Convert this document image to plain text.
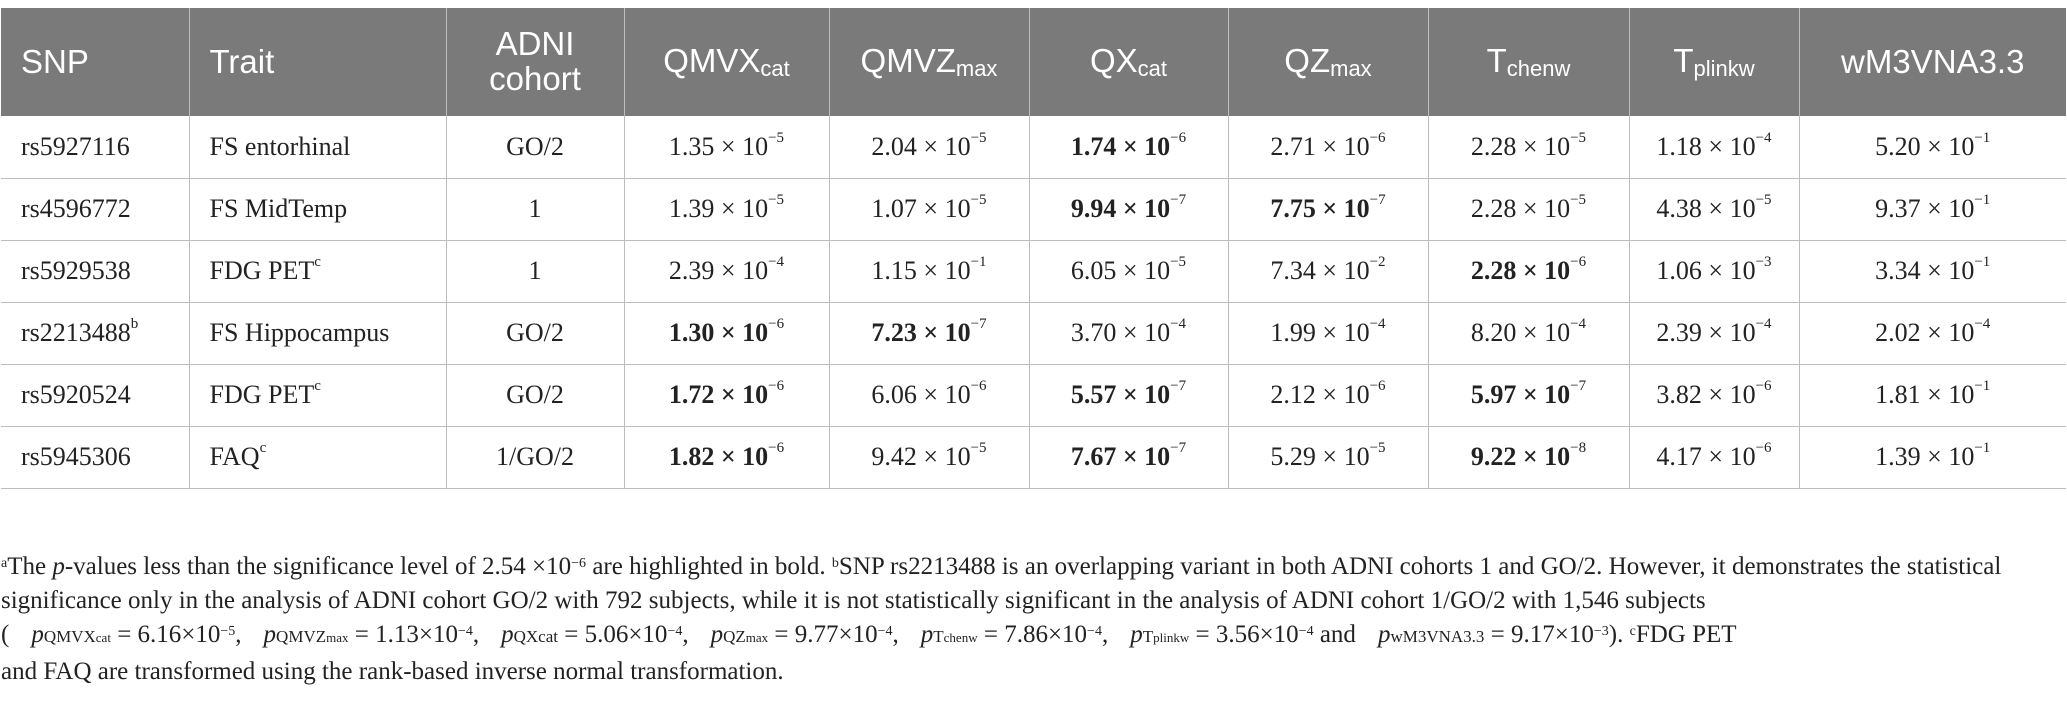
SNP	Trait	ADNI cohort	$QMVX_{cat}$	$QMVZ_{max}$	$QX_{cat}$	$QZ_{max}$	$T_{chenw}$	$T_{plinkw}$	wM3VNA3.3
rs5927116	FS entorhinal	GO/2	$1.35 \times 10^{-5}$	$2.04 \times 10^{-5}$	$1.74 \times 10^{-6}$	$2.71 \times 10^{-6}$	$2.28 \times 10^{-5}$	$1.18 \times 10^{-4}$	$5.20 \times 10^{-1}$
rs4596772	FS MidTemp	1	$1.39 \times 10^{-5}$	$1.07 \times 10^{-5}$	$9.94 \times 10^{-7}$	$7.75 \times 10^{-7}$	$2.28 \times 10^{-5}$	$4.38 \times 10^{-5}$	$9.37 \times 10^{-1}$
rs5929538	FDG PET$^c$	1	$2.39 \times 10^{-4}$	$1.15 \times 10^{-1}$	$6.05 \times 10^{-5}$	$7.34 \times 10^{-2}$	$2.28 \times 10^{-6}$	$1.06 \times 10^{-3}$	$3.34 \times 10^{-1}$
rs2213488$^b$	FS Hippocampus	GO/2	$1.30 \times 10^{-6}$	$7.23 \times 10^{-7}$	$3.70 \times 10^{-4}$	$1.99 \times 10^{-4}$	$8.20 \times 10^{-4}$	$2.39 \times 10^{-4}$	$2.02 \times 10^{-4}$
rs5920524	FDG PET$^c$	GO/2	$1.72 \times 10^{-6}$	$6.06 \times 10^{-6}$	$5.57 \times 10^{-7}$	$2.12 \times 10^{-6}$	$5.97 \times 10^{-7}$	$3.82 \times 10^{-6}$	$1.81 \times 10^{-1}$
rs5945306	FAQ$^c$	1/GO/2	$1.82 \times 10^{-6}$	$9.42 \times 10^{-5}$	$7.67 \times 10^{-7}$	$5.29 \times 10^{-5}$	$9.22 \times 10^{-8}$	$4.17 \times 10^{-6}$	$1.39 \times 10^{-1}$

$^a$The p-values less than the significance level of $2.54 \times 10^{-6}$ are highlighted in bold. $^b$SNP rs2213488 is an overlapping variant in both ADNI cohorts 1 and GO/2. However, it demonstrates the statistical significance only in the analysis of ADNI cohort GO/2 with 792 subjects, while it is not statistically significant in the analysis of ADNI cohort 1/GO/2 with 1,546 subjects

( pQMVXcat = $6.16\times 10^{-5}$, pQMVZmax = $1.13\times 10^{-4}$, pQXcat = $5.06\times 10^{-4}$, $pQZmax = 9.77\times 10^{-4}$, pTchenw = $7.86\times 10^{-4}$, pTplinkw = $3.56\times 10^{-4}$ and $pwM3VNA3.3 = 9.17\times 10^{-3}$). $^c$FDG PET

and FAQ are transformed using the rank-based inverse normal transformation.
